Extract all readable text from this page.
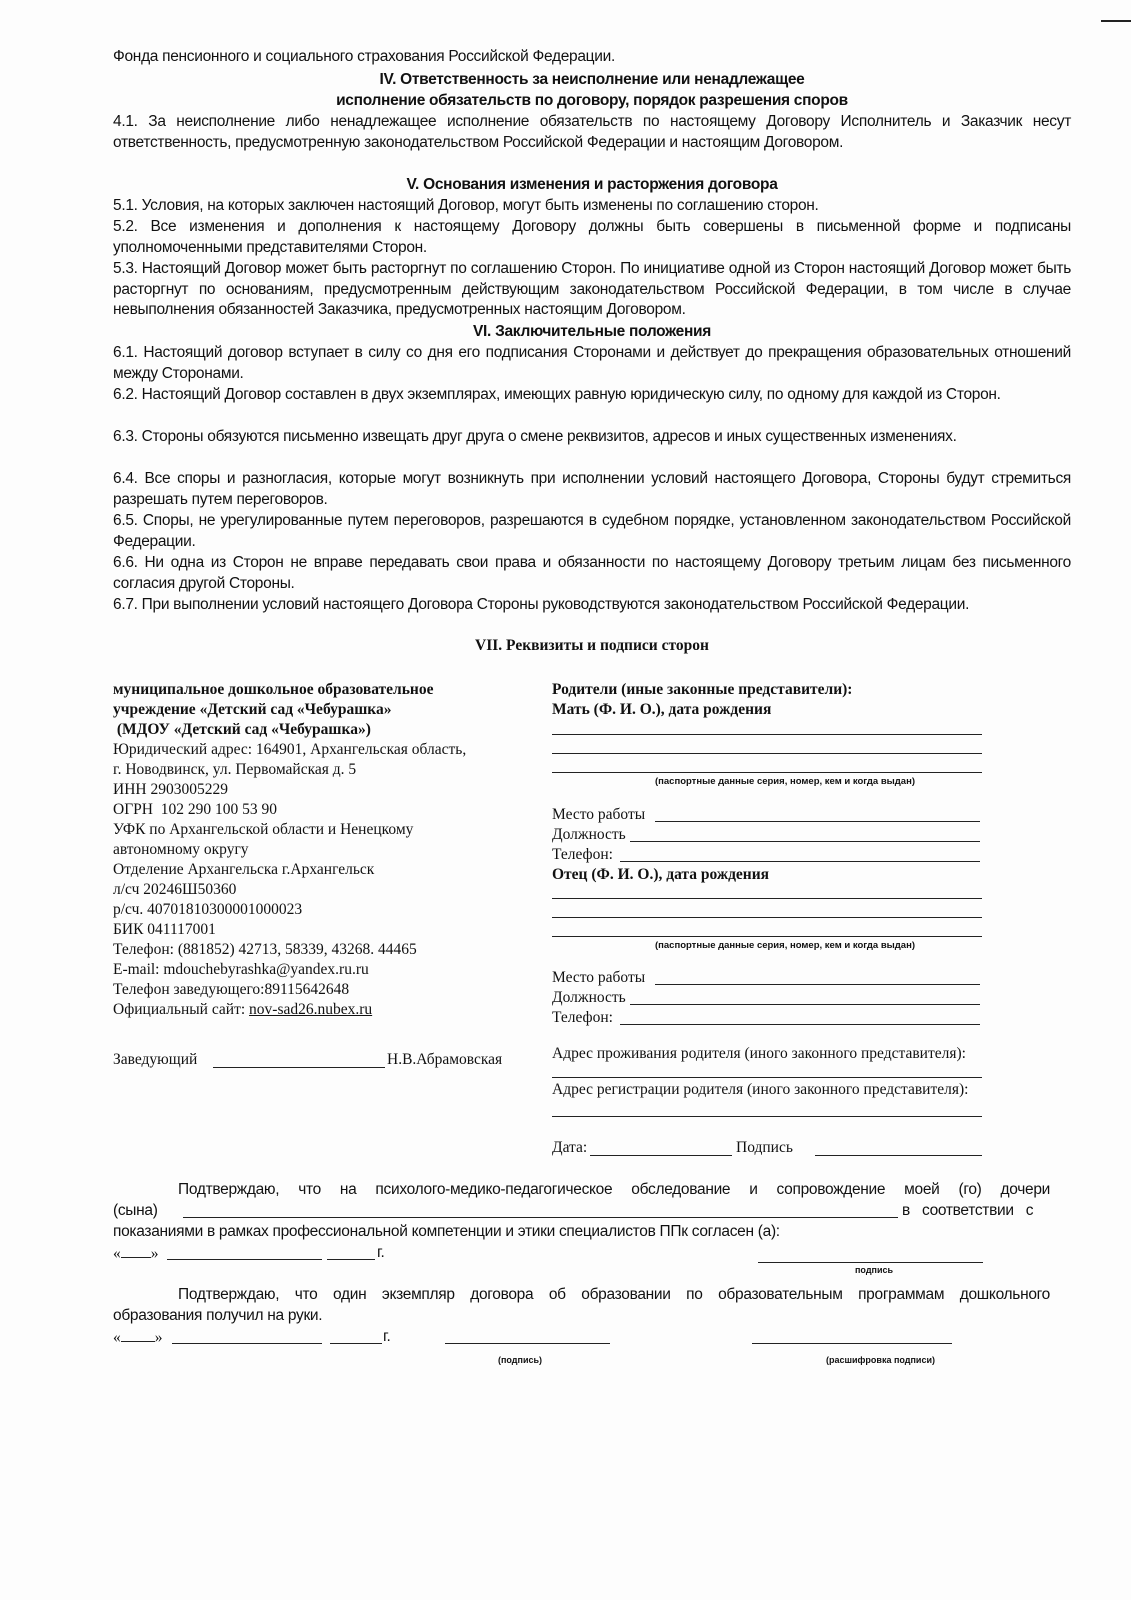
Фонда пенсионного и социального страхования Российской Федерации.
IV. Ответственность за неисполнение или ненадлежащее
исполнение обязательств по договору, порядок разрешения споров
4.1. За неисполнение либо ненадлежащее исполнение обязательств по настоящему Договору Исполнитель и Заказчик несут ответственность, предусмотренную законодательством Российской Федерации и настоящим Договором.
V. Основания изменения и расторжения договора
5.1. Условия, на которых заключен настоящий Договор, могут быть изменены по соглашению сторон.
5.2. Все изменения и дополнения к настоящему Договору должны быть совершены в письменной форме и подписаны уполномоченными представителями Сторон.
5.3. Настоящий Договор может быть расторгнут по соглашению Сторон. По инициативе одной из Сторон настоящий Договор может быть расторгнут по основаниям, предусмотренным действующим законодательством Российской Федерации, в том числе в случае невыполнения обязанностей Заказчика, предусмотренных настоящим Договором.
VI. Заключительные положения
6.1. Настоящий договор вступает в силу со дня его подписания Сторонами и действует до прекращения образовательных отношений между Сторонами.
6.2. Настоящий Договор составлен в двух экземплярах, имеющих равную юридическую силу, по одному для каждой из Сторон.
6.3. Стороны обязуются письменно извещать друг друга о смене реквизитов, адресов и иных существенных изменениях.
6.4. Все споры и разногласия, которые могут возникнуть при исполнении условий настоящего Договора, Стороны будут стремиться разрешать путем переговоров.
6.5. Споры, не урегулированные путем переговоров, разрешаются в судебном порядке, установленном законодательством Российской Федерации.
6.6. Ни одна из Сторон не вправе передавать свои права и обязанности по настоящему Договору третьим лицам без письменного согласия другой Стороны.
6.7. При выполнении условий настоящего Договора Стороны руководствуются законодательством Российской Федерации.
VII. Реквизиты и подписи сторон
муниципальное дошкольное образовательное
учреждение «Детский сад «Чебурашка»
(МДОУ «Детский сад «Чебурашка»)
Юридический адрес: 164901, Архангельская область,
г. Новодвинск, ул. Первомайская д. 5
ИНН 2903005229
ОГРН  102 290 100 53 90
УФК по Архангельской области и Ненецкому
автономному округу
Отделение Архангельска г.Архангельск
л/сч 20246Ш50360
р/сч. 40701810300001000023
БИК 041117001
Телефон: (881852) 42713, 58339, 43268. 44465
E-mail: mdouchebyrashka@yandex.ru.ru
Телефон заведующего:89115642648
Официальный сайт: nov-sad26.nubex.ru
Заведующий	Н.В.Абрамовская
Родители (иные законные представители):
Мать (Ф. И. О.), дата рождения
(паспортные данные серия, номер, кем и когда выдан)
Место работы
Должность
Телефон:
Отец (Ф. И. О.), дата рождения
(паспортные данные серия, номер, кем и когда выдан)
Место работы
Должность
Телефон:
Адрес проживания родителя (иного законного представителя):
Адрес регистрации родителя (иного законного представителя):
Дата:	Подпись
Подтверждаю, что на психолого-медико-педагогическое обследование и сопровождение моей (го) дочери
(сына)	в соответствии с
показаниями в рамках профессиональной компетенции и этики специалистов ППк согласен (а):
« »	г.
подпись
Подтверждаю, что один экземпляр договора об образовании по образовательным программам дошкольного
образования получил на руки.
« »	г.
(подпись)	(расшифровка подписи)
